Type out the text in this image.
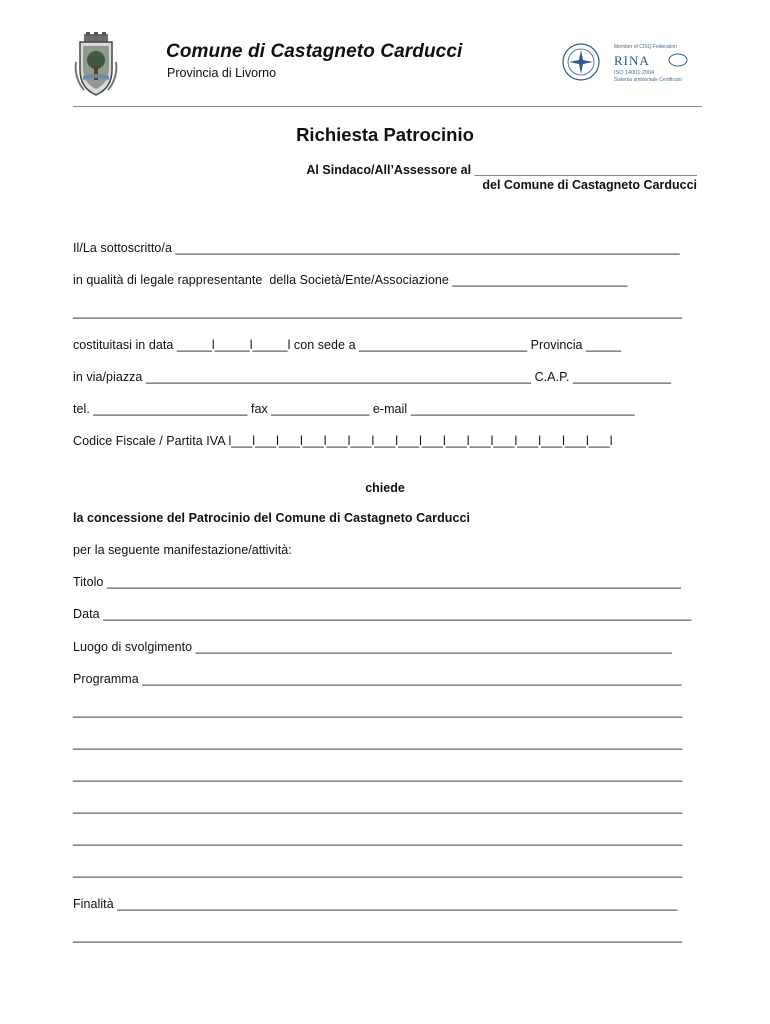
Comune di Castagneto Carducci
Provincia di Livorno
Member of CISQ Federation
RINA
ISO 14001:2004
Sistema ambientale Certificato
Richiesta Patrocinio
Al Sindaco/All’Assessore al ________________________________
del Comune di Castagneto Carducci
Il/La sottoscritto/a ________________________________________________________________________
in qualità di legale rappresentante  della Società/Ente/Associazione _________________________
_______________________________________________________________________________________
costituitasi in data _____l_____l_____l con sede a ________________________ Provincia _____
in via/piazza _______________________________________________________ C.A.P. ______________
tel. ______________________ fax ______________ e-mail ________________________________
Codice Fiscale / Partita IVA l___l___l___l___l___l___l___l___l___l___l___l___l___l___l___l___l
chiede
la concessione del Patrocinio del Comune di Castagneto Carducci
per la seguente manifestazione/attività:
Titolo __________________________________________________________________________________
Data ____________________________________________________________________________________
Luogo di svolgimento ____________________________________________________________________
Programma _____________________________________________________________________________
_______________________________________________________________________________________
_______________________________________________________________________________________
_______________________________________________________________________________________
_______________________________________________________________________________________
_______________________________________________________________________________________
_______________________________________________________________________________________
Finalità ________________________________________________________________________________
_______________________________________________________________________________________
